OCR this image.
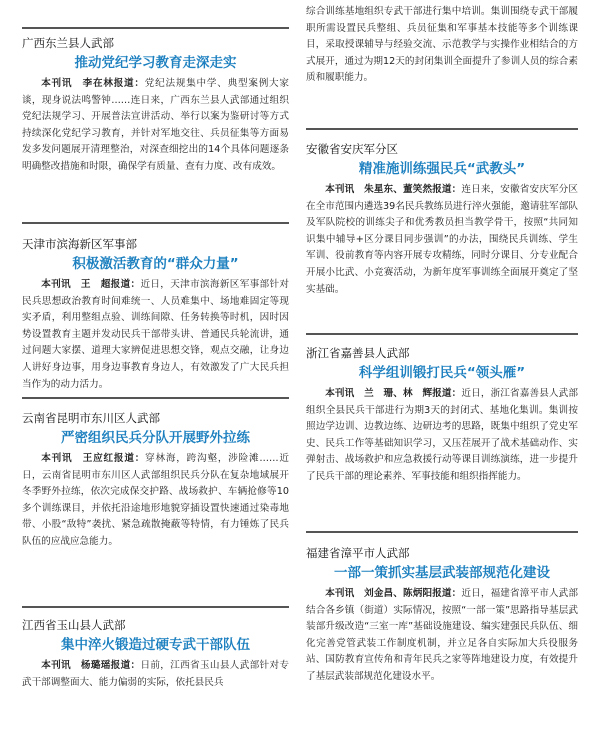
广西东兰县人武部
推动党纪学习教育走深走实

本刊讯　李在林报道：党纪法规集中学、典型案例大家谈，现身说法鸣警钟……连日来，广西东兰县人武部通过组织党纪法规学习、开展普法宣讲活动、举行以案为鉴研讨等方式持续深化党纪学习教育，并针对军地交往、兵员征集等方面易发多发问题展开清理整治，对深查细挖出的14个具体问题逐条明确整改措施和时限，确保学有质量、查有力度、改有成效。

天津市滨海新区军事部
积极激活教育的“群众力量”

本刊讯　王　超报道：近日，天津市滨海新区军事部针对民兵思想政治教育时间难统一、人员难集中、场地难固定等现实矛盾，利用整组点验、训练间隙、任务转换等时机，因时因势设置教育主题并发动民兵干部带头讲、普通民兵轮流讲，通过问题大家摆、道理大家辨促进思想交锋，观点交融，让身边人讲好身边事，用身边事教育身边人，有效激发了广大民兵担当作为的动力活力。

云南省昆明市东川区人武部
严密组织民兵分队开展野外拉练

本刊讯　王应红报道：穿林海，跨沟壑，涉险滩……近日，云南省昆明市东川区人武部组织民兵分队在复杂地域展开冬季野外拉练，依次完成保交护路、战场救护、车辆抢修等10多个训练课目，并依托沿途地形地貌穿插设置快速通过染毒地带、小股“敌特”袭扰、紧急疏散掩蔽等特情，有力锤炼了民兵队伍的应战应急能力。

江西省玉山县人武部
集中淬火锻造过硬专武干部队伍

本刊讯　杨璐瑶报道：日前，江西省玉山县人武部针对专武干部调整面大、能力偏弱的实际，依托县民兵

综合训练基地组织专武干部进行集中培训。集训围绕专武干部履职所需设置民兵整组、兵员征集和军事基本技能等多个训练课目，采取授课辅导与经验交流、示范教学与实操作业相结合的方式展开，通过为期12天的封闭集训全面提升了参训人员的综合素质和履职能力。

安徽省安庆军分区
精准施训练强民兵“武教头”

本刊讯　朱星东、董笑然报道：连日来，安徽省安庆军分区在全市范围内遴选39名民兵教练员进行淬火强能，邀请驻军部队及军队院校的训练尖子和优秀教员担当教学骨干，按照“共同知识集中辅导+区分课目同步强训”的办法，围绕民兵训练、学生军训、役前教育等内容开展专攻精练，同时分课目、分专业配合开展小比武、小竞赛活动，为新年度军事训练全面展开奠定了坚实基础。

浙江省嘉善县人武部
科学组训锻打民兵“领头雁”

本刊讯　兰　珊、林　辉报道：近日，浙江省嘉善县人武部组织全县民兵干部进行为期3天的封闭式、基地化集训。集训按照边学边训、边教边练、边研边考的思路，既集中组织了党史军史、民兵工作等基础知识学习，又压茬展开了战术基础动作、实弹射击、战场救护和应急救援行动等课目训练演练，进一步提升了民兵干部的理论素养、军事技能和组织指挥能力。

福建省漳平市人武部
一部一策抓实基层武装部规范化建设

本刊讯　刘金昌、陈炳阳报道：近日，福建省漳平市人武部结合各乡镇（街道）实际情况，按照“一部一策”思路指导基层武装部升级改造“三室一库”基础设施建设、编实建强民兵队伍、细化完善党管武装工作制度机制，并立足各自实际加大兵役服务站、国防教育宣传角和青年民兵之家等阵地建设力度，有效提升了基层武装部规范化建设水平。
